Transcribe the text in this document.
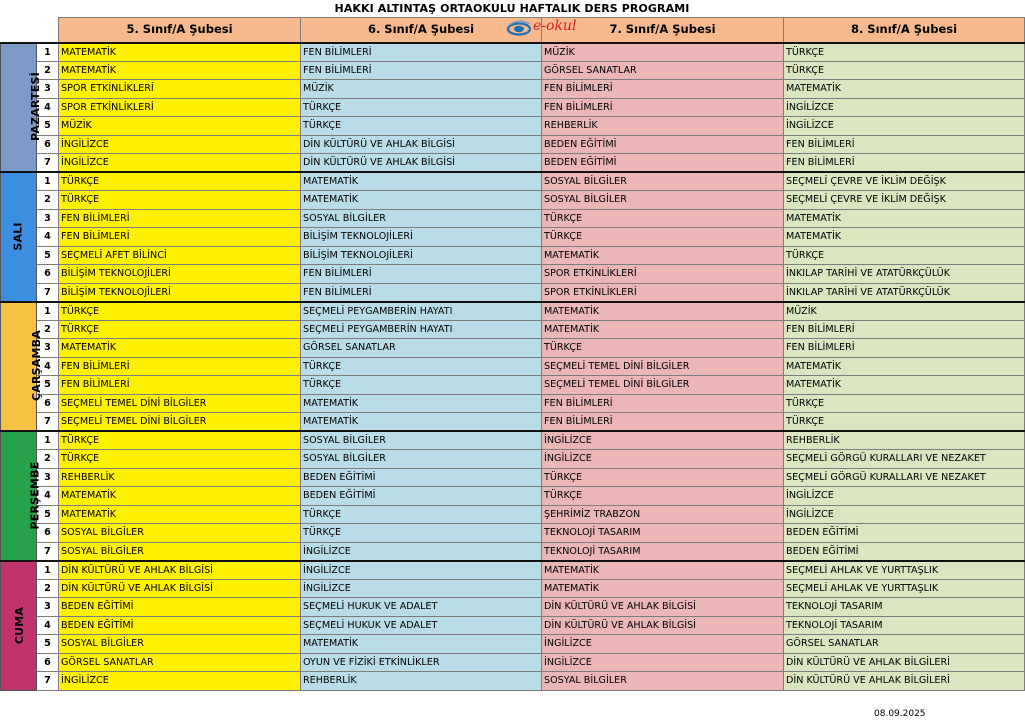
HAKKI ALTINTAŞ ORTAOKULU HAFTALIK DERS PROGRAMI
		5. Sınıf/A Şubesi	6. Sınıf/A Şubesi	7. Sınıf/A Şubesi	8. Sınıf/A Şubesi
PAZARTESİ	1	MATEMATİK	FEN BİLİMLERİ	MÜZİK	TÜRKÇE
	2	MATEMATİK	FEN BİLİMLERİ	GÖRSEL SANATLAR	TÜRKÇE
	3	SPOR ETKİNLİKLERİ	MÜZİK	FEN BİLİMLERİ	MATEMATİK
	4	SPOR ETKİNLİKLERİ	TÜRKÇE	FEN BİLİMLERİ	İNGİLİZCE
	5	MÜZİK	TÜRKÇE	REHBERLİK	İNGİLİZCE
	6	İNGİLİZCE	DİN KÜLTÜRÜ VE AHLAK BİLGİSİ	BEDEN EĞİTİMİ	FEN BİLİMLERİ
	7	İNGİLİZCE	DİN KÜLTÜRÜ VE AHLAK BİLGİSİ	BEDEN EĞİTİMİ	FEN BİLİMLERİ
SALI	1	TÜRKÇE	MATEMATİK	SOSYAL BİLGİLER	SEÇMELİ ÇEVRE VE İKLİM DEĞİŞK
	2	TÜRKÇE	MATEMATİK	SOSYAL BİLGİLER	SEÇMELİ ÇEVRE VE İKLİM DEĞİŞK
	3	FEN BİLİMLERİ	SOSYAL BİLGİLER	TÜRKÇE	MATEMATİK
	4	FEN BİLİMLERİ	BİLİŞİM TEKNOLOJİLERİ	TÜRKÇE	MATEMATİK
	5	SEÇMELİ AFET BİLİNCİ	BİLİŞİM TEKNOLOJİLERİ	MATEMATİK	TÜRKÇE
	6	BİLİŞİM TEKNOLOJİLERİ	FEN BİLİMLERİ	SPOR ETKİNLİKLERİ	İNKILAP TARİHİ VE ATATÜRKÇÜLÜK
	7	BİLİŞİM TEKNOLOJİLERİ	FEN BİLİMLERİ	SPOR ETKİNLİKLERİ	İNKILAP TARİHİ VE ATATÜRKÇÜLÜK
ÇARŞAMBA	1	TÜRKÇE	SEÇMELİ PEYGAMBERİN HAYATI	MATEMATİK	MÜZİK
	2	TÜRKÇE	SEÇMELİ PEYGAMBERİN HAYATI	MATEMATİK	FEN BİLİMLERİ
	3	MATEMATİK	GÖRSEL SANATLAR	TÜRKÇE	FEN BİLİMLERİ
	4	FEN BİLİMLERİ	TÜRKÇE	SEÇMELİ TEMEL DİNİ BİLGİLER	MATEMATİK
	5	FEN BİLİMLERİ	TÜRKÇE	SEÇMELİ TEMEL DİNİ BİLGİLER	MATEMATİK
	6	SEÇMELİ TEMEL DİNİ BİLGİLER	MATEMATİK	FEN BİLİMLERİ	TÜRKÇE
	7	SEÇMELİ TEMEL DİNİ BİLGİLER	MATEMATİK	FEN BİLİMLERİ	TÜRKÇE
PERŞEMBE	1	TÜRKÇE	SOSYAL BİLGİLER	İNGİLİZCE	REHBERLİK
	2	TÜRKÇE	SOSYAL BİLGİLER	İNGİLİZCE	SEÇMELİ GÖRGÜ KURALLARI VE NEZAKET
	3	REHBERLİK	BEDEN EĞİTİMİ	TÜRKÇE	SEÇMELİ GÖRGÜ KURALLARI VE NEZAKET
	4	MATEMATİK	BEDEN EĞİTİMİ	TÜRKÇE	İNGİLİZCE
	5	MATEMATİK	TÜRKÇE	ŞEHRİMİZ TRABZON	İNGİLİZCE
	6	SOSYAL BİLGİLER	TÜRKÇE	TEKNOLOJİ TASARIM	BEDEN EĞİTİMİ
	7	SOSYAL BİLGİLER	İNGİLİZCE	TEKNOLOJİ TASARIM	BEDEN EĞİTİMİ
CUMA	1	DİN KÜLTÜRÜ VE AHLAK BİLGİSİ	İNGİLİZCE	MATEMATİK	SEÇMELİ AHLAK VE YURTTAŞLIK
	2	DİN KÜLTÜRÜ VE AHLAK BİLGİSİ	İNGİLİZCE	MATEMATİK	SEÇMELİ AHLAK VE YURTTAŞLIK
	3	BEDEN EĞİTİMİ	SEÇMELİ HUKUK VE ADALET	DİN KÜLTÜRÜ VE AHLAK BİLGİSİ	TEKNOLOJİ TASARIM
	4	BEDEN EĞİTİMİ	SEÇMELİ HUKUK VE ADALET	DİN KÜLTÜRÜ VE AHLAK BİLGİSİ	TEKNOLOJİ TASARIM
	5	SOSYAL BİLGİLER	MATEMATİK	İNGİLİZCE	GÖRSEL SANATLAR
	6	GÖRSEL SANATLAR	OYUN VE FİZİKİ ETKİNLİKLER	İNGİLİZCE	DİN KÜLTÜRÜ VE AHLAK BİLGİLERİ
	7	İNGİLİZCE	REHBERLİK	SOSYAL BİLGİLER	DİN KÜLTÜRÜ VE AHLAK BİLGİLERİ
e-okul
08.09.2025
